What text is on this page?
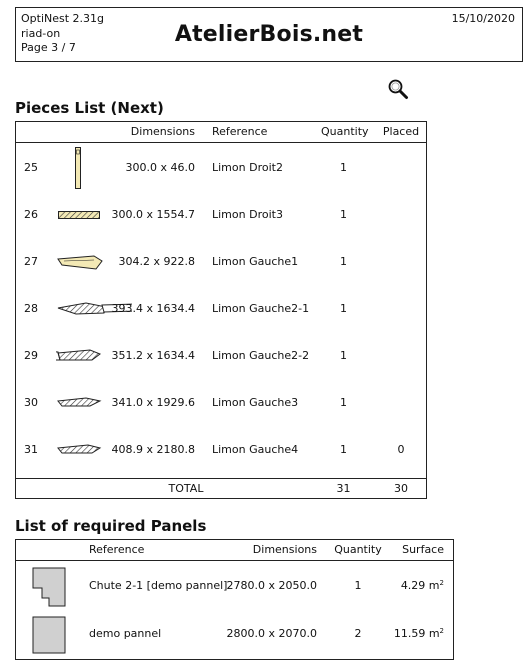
OptiNest 2.31g
riad-on
Page 3 / 7
AtelierBois.net
15/10/2020
Pieces List (Next)
Dimensions Reference	Quantity Placed
25	300.0 x 46.0 Limon Droit2	1
26	300.0 x 1554.7 Limon Droit3	1
27	304.2 x 922.8 Limon Gauche1	1
28	393.4 x 1634.4 Limon Gauche2-1	1
29	351.2 x 1634.4 Limon Gauche2-2	1
30	341.0 x 1929.6 Limon Gauche3	1
31	408.9 x 2180.8 Limon Gauche4	1	0
TOTAL	31	30
List of required Panels
Reference	Dimensions Quantity Surface
Chute 2-1 [demo pannel] 2780.0 x 2050.0	1	4.29 $m^2$
demo pannel	2800.0 x 2070.0	2	11.59 $m^2$
